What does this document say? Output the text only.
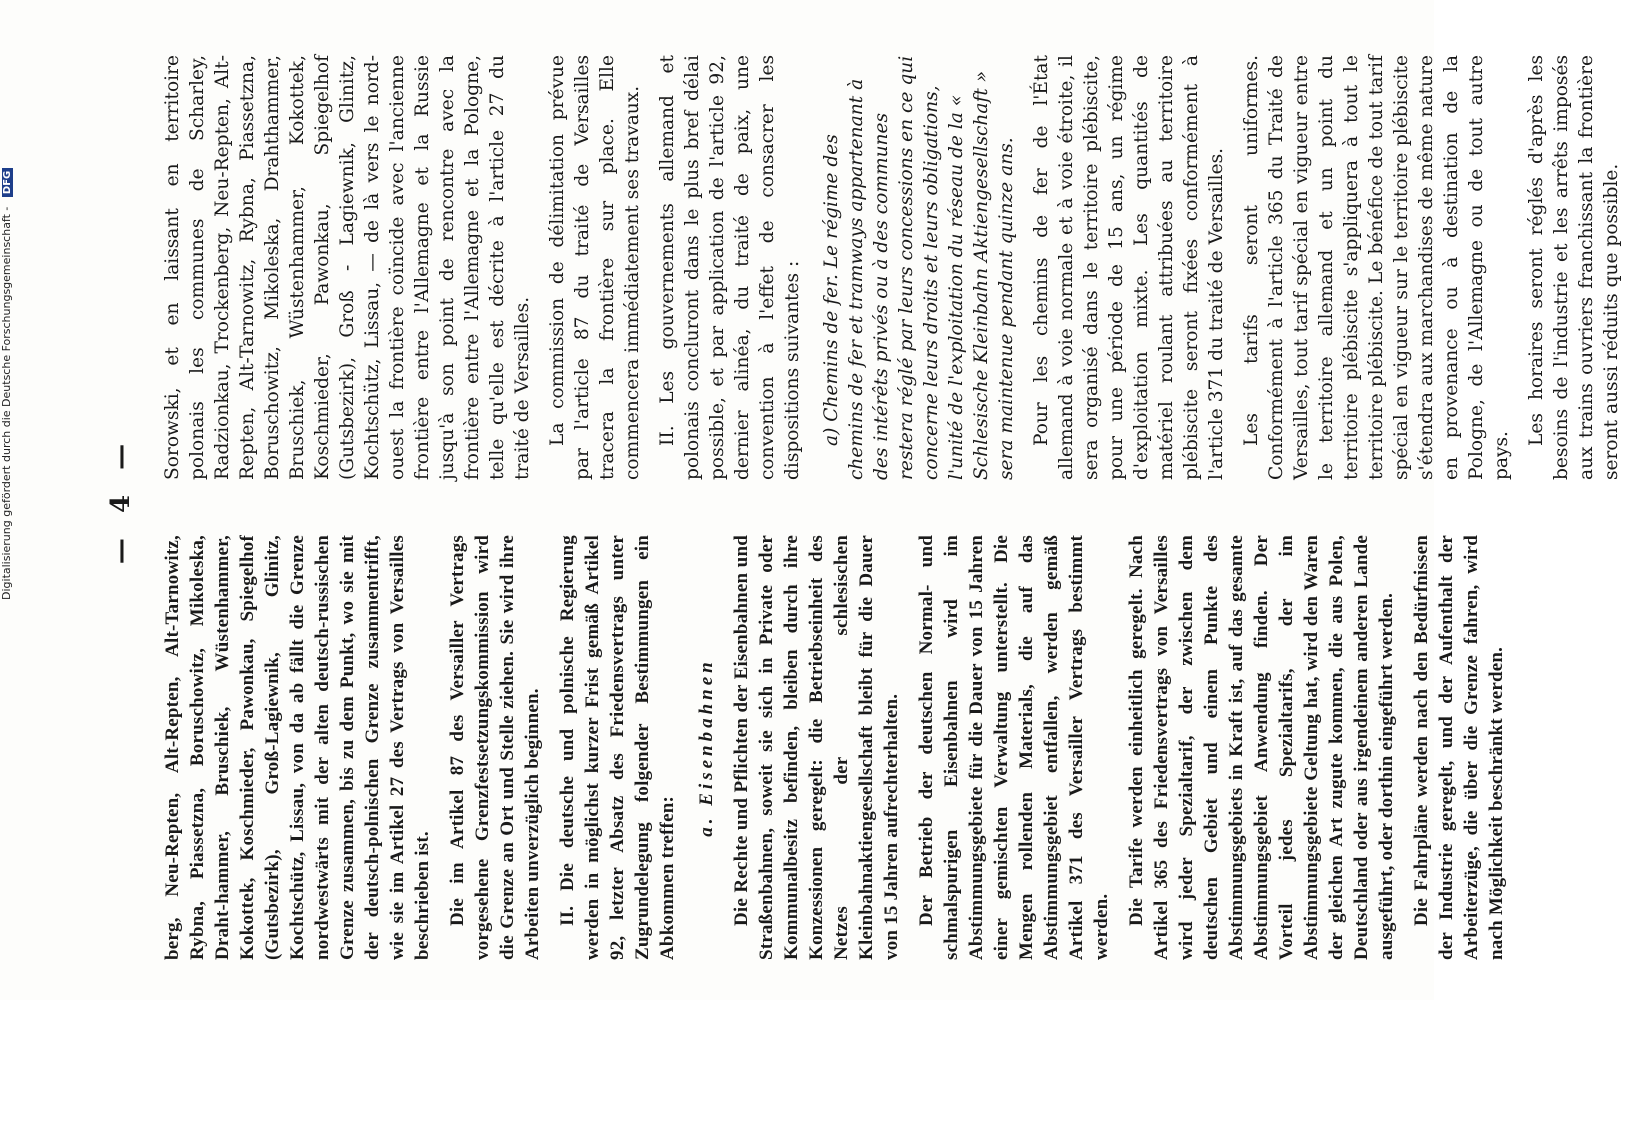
Digitalisierung gefördert durch die Deutsche Forschungsgemeinschaft - DFG
— 4 —

berg, Neu-Repten, Alt-Repten, Alt-Tarnowitz, Rybna, Piassetzna, Boruschowitz, Mikoleska, Draht-hammer, Bruschiek, Wüstenhammer, Kokottek, Koschmieder, Pawonkau, Spiegelhof (Gutsbezirk), Groß-Lagiewnik, Glinitz, Kochtschütz, Lissau, von da ab fällt die Grenze nordwestwärts mit der alten deutsch-russischen Grenze zusammen, bis zu dem Punkt, wo sie mit der deutsch-polnischen Grenze zusammentrifft, wie sie im Artikel 27 des Vertrags von Versailles beschrieben ist. Die im Artikel 87 des Versailler Vertrags vorgesehene Grenzfestsetzungskommission wird die Grenze an Ort und Stelle ziehen. Sie wird ihre Arbeiten unverzüglich beginnen. II. Die deutsche und polnische Regierung werden in möglichst kurzer Frist gemäß Artikel 92, letzter Absatz des Friedensvertrags unter Zugrundelegung folgender Bestimmungen ein Abkommen treffen:

a. Eisenbahnen Die Rechte und Pflichten der Eisenbahnen und Straßenbahnen, soweit sie sich in Private oder Kommunalbesitz befinden, bleiben durch ihre Konzessionen geregelt: die Betriebseinheit des Netzes der schlesischen Kleinbahnaktiengesellschaft bleibt für die Dauer von 15 Jahren aufrechterhalten. Der Betrieb der deutschen Normal- und schmalspurigen Eisenbahnen wird im Abstimmungsgebiete für die Dauer von 15 Jahren einer gemischten Verwaltung unterstellt. Die Mengen rollenden Materials, die auf das Abstimmungsgebiet entfallen, werden gemäß Artikel 371 des Versailler Vertrags bestimmt werden.

Die Tarife werden einheitlich geregelt. Nach Artikel 365 des Friedensvertrags von Versailles wird jeder Spezialtarif, der zwischen dem deutschen Gebiet und einem Punkte des Abstimmungsgebiets in Kraft ist, auf das gesamte Abstimmungsgebiet Anwendung finden. Der Vorteil jedes Spezialtarifs, der im Abstimmungsgebiete Geltung hat, wird den Waren der gleichen Art zugute kommen, die aus Polen, Deutschland oder aus irgendeinem anderen Lande ausgeführt, oder dorthin eingeführt werden. Die Fahrpläne werden nach den Bedürfnissen der Industrie geregelt, und der Aufenthalt der Arbeiterzüge, die über die Grenze fahren, wird nach Möglichkeit beschränkt werden.

Sorowski, et en laissant en territoire polonais les communes de Scharley, Radzionkau, Trockenberg, Neu-Repten, Alt-Repten, Alt-Tarnowitz, Rybna, Piassetzna, Boruschowitz, Mikoleska, Drahthammer, Bruschiek, Wüstenhammer, Kokottek, Koschmieder, Pawonkau, Spiegelhof (Gutsbezirk), Groß - Lagiewnik, Glinitz, Kochtschütz, Lissau, — de là vers le nord-ouest la frontière coïncide avec l'ancienne frontière entre l'Allemagne et la Russie jusqu'à son point de rencontre avec la frontière entre l'Allemagne et la Pologne, telle qu'elle est décrite à l'article 27 du traité de Versailles. La commission de délimitation prévue par l'article 87 du traité de Versailles tracera la frontière sur place. Elle commencera immédiatement ses travaux. II. Les gouvernements allemand et polonais concluront dans le plus bref délai possible, et par application de l'article 92, dernier alinéa, du traité de paix, une convention à l'effet de consacrer les dispositions suivantes : a) Chemins de fer. Le régime des chemins de fer et tramways appartenant à des intérêts privés ou à des communes restera réglé par leurs concessions en ce qui concerne leurs droits et leurs obligations, l'unité de l'exploitation du réseau de la « Schlesische Kleinbahn Aktiengesellschaft » sera maintenue pendant quinze ans. Pour les chemins de fer de l'État allemand à voie normale et à voie étroite, il sera organisé dans le territoire plébiscite, pour une période de 15 ans, un régime d'exploitation mixte. Les quantités de matériel roulant attribuées au territoire plébiscite seront fixées conformément à l'article 371 du traité de Versailles. Les tarifs seront uniformes. Conformément à l'article 365 du Traité de Versailles, tout tarif spécial en vigueur entre le territoire allemand et un point du territoire plébiscite s'appliquera à tout le territoire plébiscite. Le bénéfice de tout tarif spécial en vigueur sur le territoire plébiscite s'étendra aux marchandises de même nature en provenance ou à destination de la Pologne, de l'Allemagne ou de tout autre pays.

Les horaires seront réglés d'après les besoins de l'industrie et les arrêts imposés aux trains ouvriers franchissant la frontière seront aussi réduits que possible.
